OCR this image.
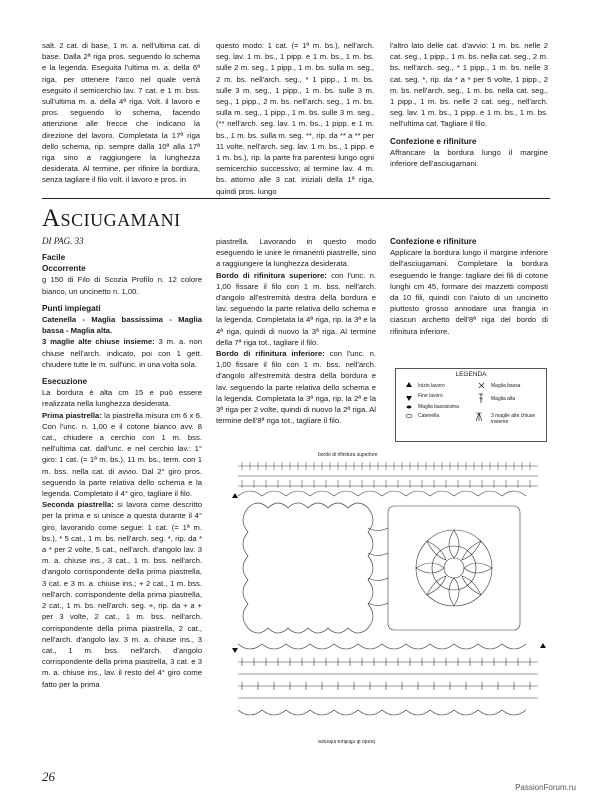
salt. 2 cat. di base, 1 m. a. nell'ultima cat. di base. Dalla 2ª riga pros. seguendo lo schema e la legenda. Eseguita l'ultima m. a. della 6ª riga, per ottenere l'arco nel quale verrà eseguito il semicerchio lav. 7 cat. e 1 m. bss. sull'ultima m. a. della 4ª riga. Volt. il lavoro e pros. seguendo lo schema, facendo attenzione alle frecce che indicano la direzione del lavoro. Completata la 17ª riga dello schema, rip. sempre dalla 10ª alla 17ª riga sino a raggiungere la lunghezza desiderata. Al termine, per rifinire la bordura, senza tagliare il filo volt. il lavoro e pros. in

questo modo: 1 cat. (= 1ª m. bs.), nell'arch. seg. lav. 1 m. bs., 1 pipp. e 1 m. bs., 1 m. bs. sulle 2 m. seg., 1 pipp., 1 m. bs. sulla m. seg., 2 m. bs. nell'arch. seg., * 1 pipp., 1 m. bs. sulle 3 m. seg., 1 pipp., 1 m. bs. sulle 3 m. seg., 1 pipp., 2 m. bs. nell'arch. seg., 1 m. bs. sulla m. seg., 1 pipp., 1 m. bs. sulle 3 m. seg., (** nell'arch. seg. lav. 1 m. bs., 1 pipp. e 1 m. bs., 1 m. bs. sulla m. seg. **, rip. da ** a ** per 11 volte, nell'arch. seg. lav. 1 m. bs., 1 pipp. e 1 m. bs.), rip. la parte fra parentesi lungo ogni semicerchio successivo; al termine lav. 4 m. bs. attorno alle 3 cat. iniziali della 1ª riga, quindi pros. lungo

l'altro lato delle cat. d'avvio: 1 m. bs. nelle 2 cat. seg., 1 pipp., 1 m. bs. nella cat. seg., 2 m. bs. nell'arch. seg., * 1 pipp., 1 m. bs. nelle 3 cat. seg. *, rip. da * a * per 5 volte, 1 pipp., 2 m. bs. nell'arch. seg., 1 m. bs. nella cat. seg., 1 pipp., 1 m. bs. nelle 2 cat. seg., nell'arch. seg. lav. 1 m. bs., 1 pipp. e 1 m. bs., 1 m. bs. nell'ultima cat. Tagliare il filo.

Confezione e rifiniture

Affrancare la bordura lungo il margine inferiore dell'asciugamani.

Asciugamani
DI PAG. 33

Facile

Occorrente

g 150 di Filo di Scozia Profilo n. 12 colore bianco, un uncinetto n. 1,00.

Punti impiegati

Catenella - Maglia bassissima - Maglia bassa - Maglia alta.

3 maglie alte chiuse insieme: 3 m. a. non chiuse nell'arch. indicato, poi con 1 gett. chiudere tutte le m. sull'unc. in una volta sola.

Esecuzione

La bordura è alta cm 15 e può essere realizzata nella lunghezza desiderata.

Prima piastrella: la piastrella misura cm 6 x 6. Con l'unc. n. 1,00 e il cotone bianco avv. 8 cat., chiudere a cerchio con 1 m. bss. nell'ultima cat. dall'unc. e nel cerchio lav.: 1° giro: 1 cat. (= 1ª m. bs.), 11 m. bs., term. con 1 m. bss. nella cat. di avvio. Dal 2° giro pros. seguendo la parte relativa dello schema e la legenda. Completato il 4° giro, tagliare il filo.

Seconda piastrella: si lavora come descritto per la prima e si unisce a questa durante il 4° giro, lavorando come segue: 1 cat. (= 1ª m. bs.), * 5 cat., 1 m. bs. nell'arch. seg. *, rip. da * a * per 2 volte, 5 cat., nell'arch. d'angolo lav. 3 m. a. chiuse ins., 3 cat., 1 m. bss. nell'arch. d'angolo corrispondente della prima piastrella, 3 cat. e 3 m. a. chiuse ins.; + 2 cat., 1 m. bss. nell'arch. corrispondente della prima piastrella, 2 cat., 1 m. bs. nell'arch. seg. +, rip. da + a + per 3 volte, 2 cat., 1 m. bss. nell'arch. corrispondente della prima piastrella, 2 cat., nell'arch. d'angolo lav. 3 m. a. chiuse ins., 3 cat., 1 m. bss. nell'arch. d'angolo corrispondente della prima piastrella, 3 cat. e 3 m. a. chiuse ins., lav. il resto del 4° giro come fatto per la prima

piastrella. Lavorando in questo modo eseguendo le unire le rimanenti piastrelle, sino a raggiungere la lunghezza desiderata.

Bordo di rifinitura superiore: con l'unc. n. 1,00 fissare il filo con 1 m. bss. nell'arch. d'angolo all'estremità destra della bordura e lav. seguendo la parte relativa dello schema e la legenda. Completata la 4ª riga, rip. la 3ª e la 4ª riga, quindi di nuovo la 3ª riga. Al termine della 7ª riga tot., tagliare il filo.

Bordo di rifinitura inferiore: con l'unc. n. 1,00 fissare il filo con 1 m. bss. nell'arch. d'angolo all'estremità destra della bordura e lav. seguendo la parte relativa dello schema e la legenda. Completata la 3ª riga, rip. la 2ª e la 3ª riga per 2 volte, quindi di nuovo la 2ª riga. Al termine dell'8ª riga tot., tagliare il filo.

Confezione e rifiniture

Applicare la bordura lungo il margine inferiore dell'asciugamani. Completare la bordura eseguendo le frange: tagliare dei fili di cotone lunghi cm 45, formare dei mazzetti composti da 10 fili, quindi con l'aiuto di un uncinetto piuttosto grosso annodare una frangia in ciascun archetto dell'8ª riga del bordo di rifinitura inferiore.

LEGENDA
Inizio lavoro
Fine lavoro
Maglia bassissima
Catenella
Maglia bassa
Maglia alta
3 maglie alte chiuse insieme
bordo di rifinitura superiore
bordo di rifinitura inferiore
26
PassionForum.ru
